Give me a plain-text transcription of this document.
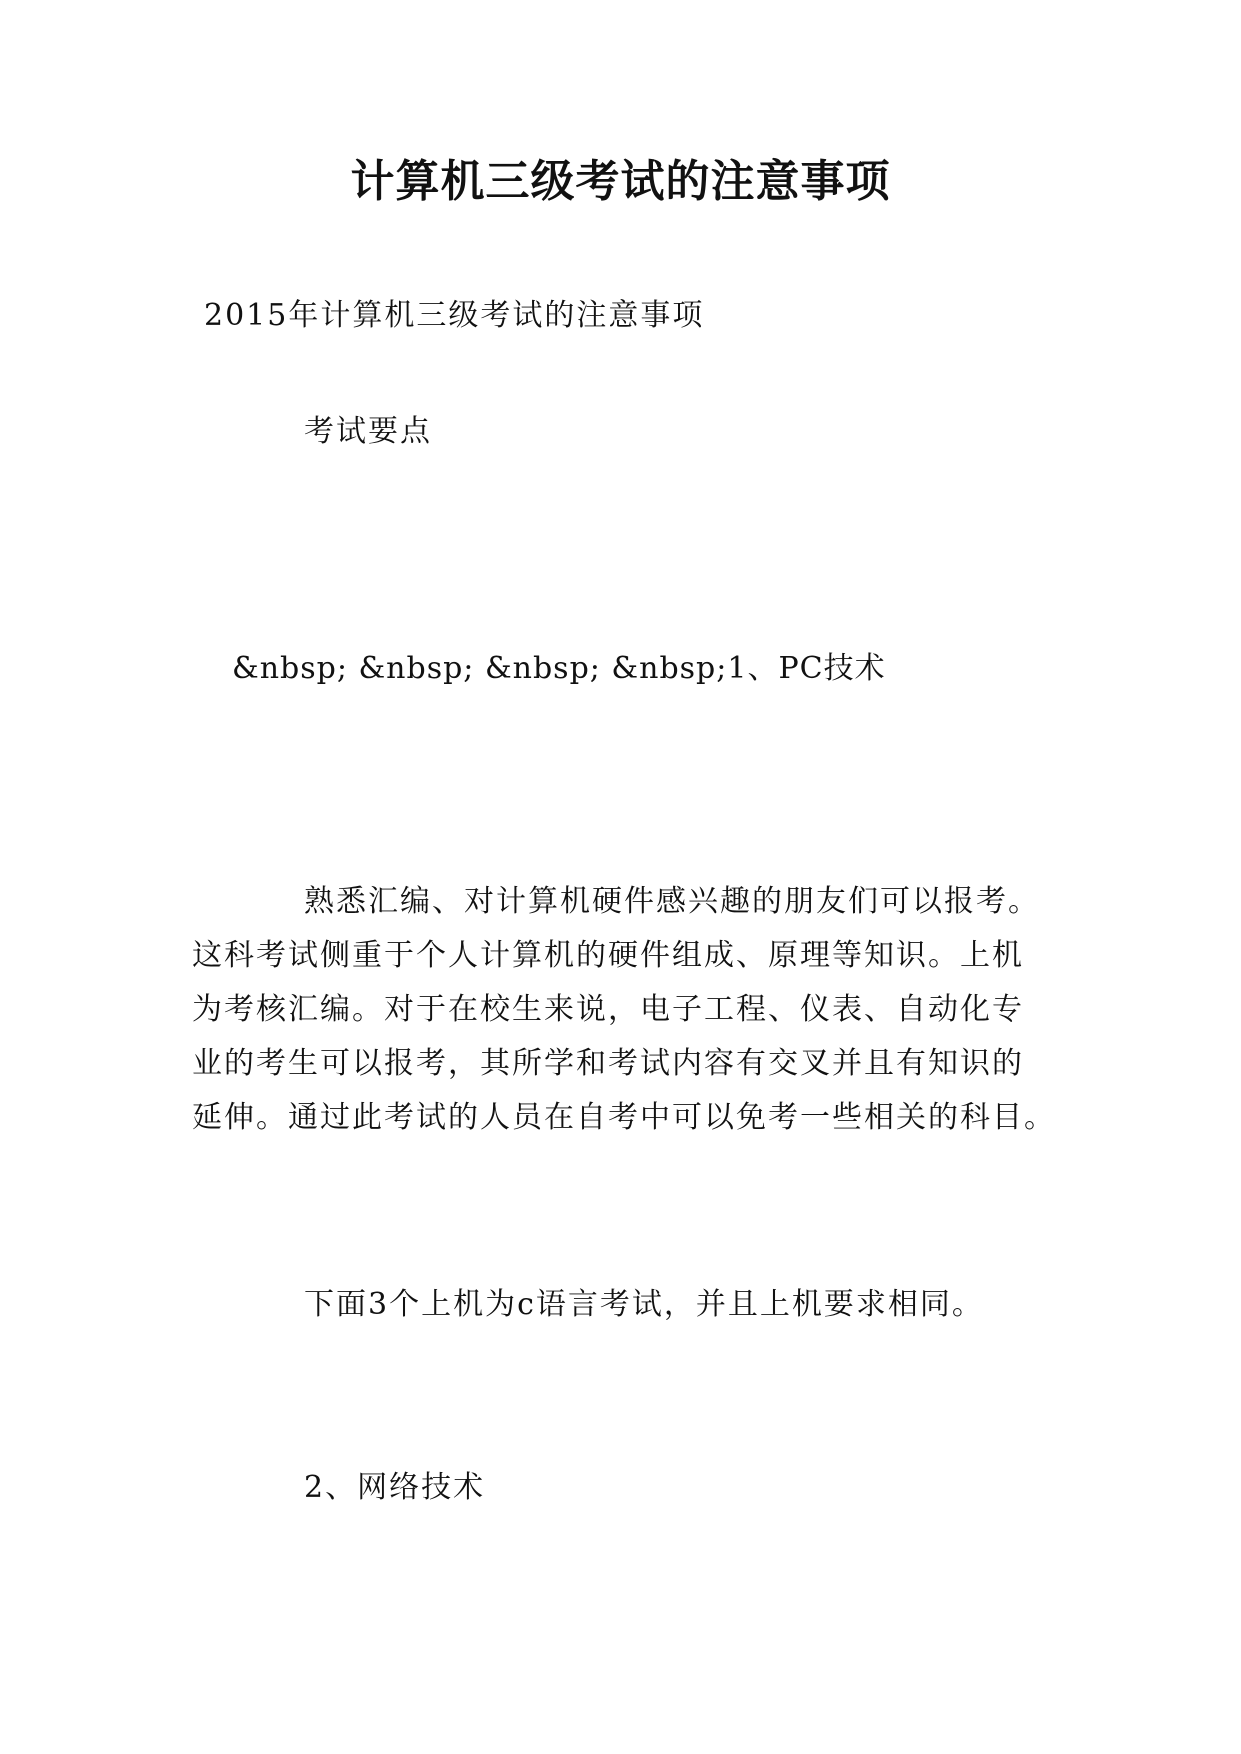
计算机三级考试的注意事项

2015年计算机三级考试的注意事项

考试要点

&nbsp; &nbsp; &nbsp; &nbsp;1、PC技术

熟悉汇编、对计算机硬件感兴趣的朋友们可以报考。
这科考试侧重于个人计算机的硬件组成、原理等知识。上机
为考核汇编。对于在校生来说，电子工程、仪表、自动化专
业的考生可以报考，其所学和考试内容有交叉并且有知识的
延伸。通过此考试的人员在自考中可以免考一些相关的科目。

下面3个上机为c语言考试，并且上机要求相同。

2、网络技术
